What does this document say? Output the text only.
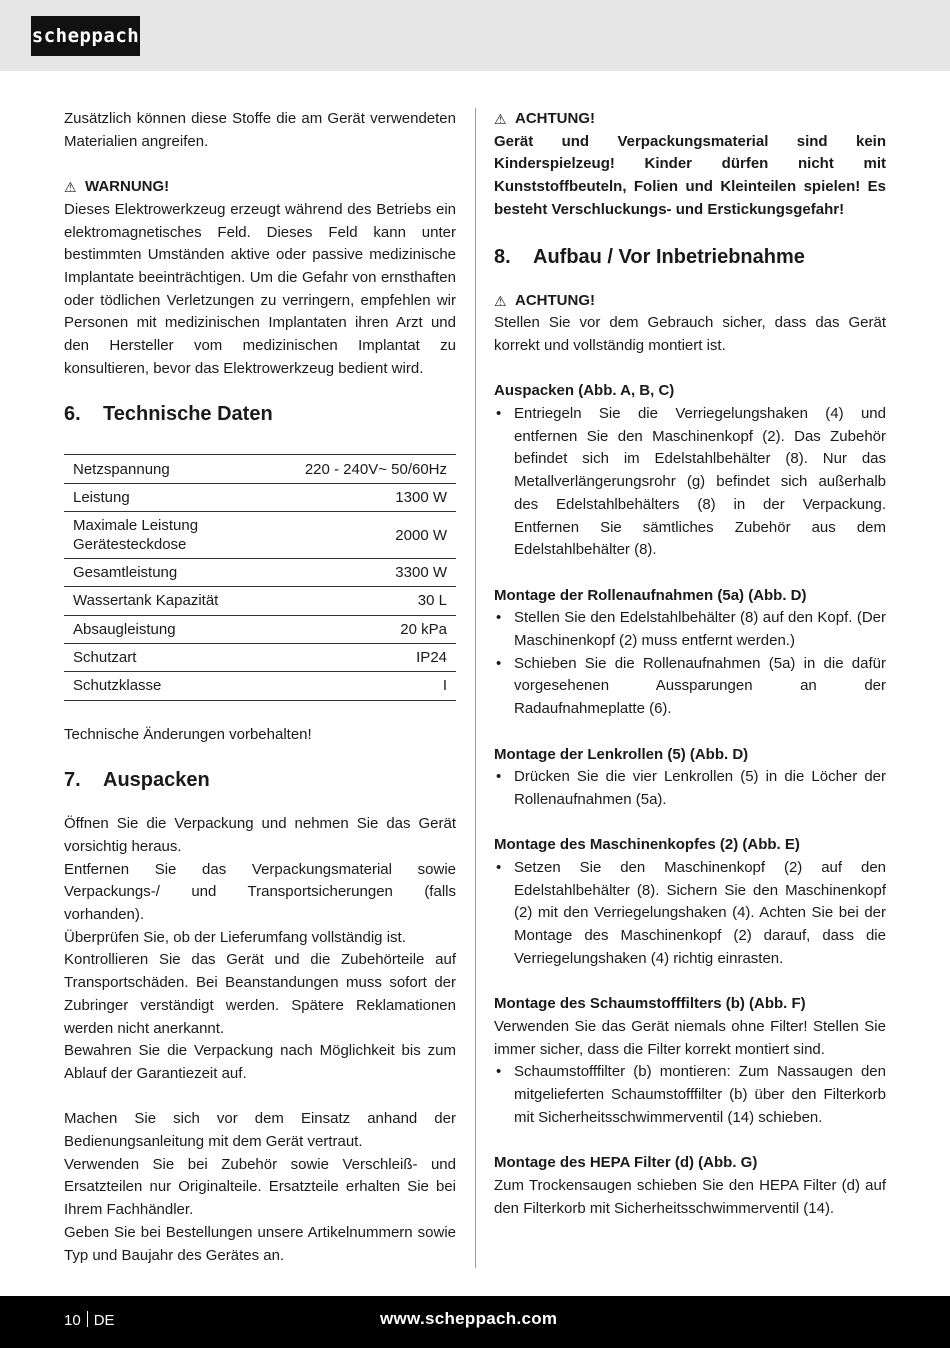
scheppach

Zusätzlich können diese Stoffe die am Gerät verwendeten Materialien angreifen.

⚠ WARNUNG!

Dieses Elektrowerkzeug erzeugt während des Betriebs ein elektromagnetisches Feld. Dieses Feld kann unter bestimmten Umständen aktive oder passive medizinische Implantate beeinträchtigen. Um die Gefahr von ernsthaften oder tödlichen Verletzungen zu verringern, empfehlen wir Personen mit medizinischen Implantaten ihren Arzt und den Hersteller vom medizinischen Implantat zu konsultieren, bevor das Elektrowerkzeug bedient wird.

6.	Technische Daten
Netzspannung	220 - 240V~ 50/60Hz
Leistung	1300 W
Maximale Leistung Gerätesteckdose	2000 W
Gesamtleistung	3300 W
Wassertank Kapazität	30 L
Absaugleistung	20 kPa
Schutzart	IP24
Schutzklasse	I

Technische Änderungen vorbehalten!

7.	Auspacken

Öffnen Sie die Verpackung und nehmen Sie das Gerät vorsichtig heraus.

Entfernen Sie das Verpackungsmaterial sowie Verpackungs-/ und Transportsicherungen (falls vorhanden).

Überprüfen Sie, ob der Lieferumfang vollständig ist.

Kontrollieren Sie das Gerät und die Zubehörteile auf Transportschäden. Bei Beanstandungen muss sofort der Zubringer verständigt werden. Spätere Reklamationen werden nicht anerkannt.

Bewahren Sie die Verpackung nach Möglichkeit bis zum Ablauf der Garantiezeit auf.

Machen Sie sich vor dem Einsatz anhand der Bedienungsanleitung mit dem Gerät vertraut.

Verwenden Sie bei Zubehör sowie Verschleiß- und Ersatzteilen nur Originalteile. Ersatzteile erhalten Sie bei Ihrem Fachhändler.

Geben Sie bei Bestellungen unsere Artikelnummern sowie Typ und Baujahr des Gerätes an.

⚠ ACHTUNG!

Gerät und Verpackungsmaterial sind kein Kinderspielzeug! Kinder dürfen nicht mit Kunststoffbeuteln, Folien und Kleinteilen spielen! Es besteht Verschluckungs- und Erstickungsgefahr!

8.	Aufbau / Vor Inbetriebnahme
⚠ ACHTUNG!

Stellen Sie vor dem Gebrauch sicher, dass das Gerät korrekt und vollständig montiert ist.

Auspacken (Abb. A, B, C)
• Entriegeln Sie die Verriegelungshaken (4) und entfernen Sie den Maschinenkopf (2). Das Zubehör befindet sich im Edelstahlbehälter (8). Nur das Metallverlängerungsrohr (g) befindet sich außerhalb des Edelstahlbehälters (8) in der Verpackung. Entfernen Sie sämtliches Zubehör aus dem Edelstahlbehälter (8).
Montage der Rollenaufnahmen (5a) (Abb. D)
• Stellen Sie den Edelstahlbehälter (8) auf den Kopf. (Der Maschinenkopf (2) muss entfernt werden.)
• Schieben Sie die Rollenaufnahmen (5a) in die dafür vorgesehenen Aussparungen an der Radaufnahmeplatte (6).
Montage der Lenkrollen (5) (Abb. D)
• Drücken Sie die vier Lenkrollen (5) in die Löcher der Rollenaufnahmen (5a).
Montage des Maschinenkopfes (2) (Abb. E)
• Setzen Sie den Maschinenkopf (2) auf den Edelstahlbehälter (8). Sichern Sie den Maschinenkopf (2) mit den Verriegelungshaken (4). Achten Sie bei der Montage des Maschinenkopf (2) darauf, dass die Verriegelungshaken (4) richtig einrasten.
Montage des Schaumstofffilters (b) (Abb. F)

Verwenden Sie das Gerät niemals ohne Filter! Stellen Sie immer sicher, dass die Filter korrekt montiert sind.

• Schaumstofffilter (b) montieren: Zum Nassaugen den mitgelieferten Schaumstofffilter (b) über den Filterkorb mit Sicherheitsschwimmerventil (14) schieben.
Montage des HEPA Filter (d) (Abb. G)

Zum Trockensaugen schieben Sie den HEPA Filter (d) auf den Filterkorb mit Sicherheitsschwimmerventil (14).

10 DE	www.scheppach.com
